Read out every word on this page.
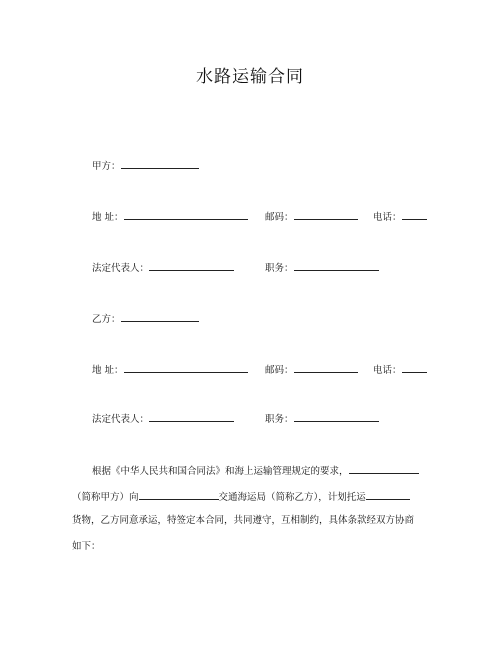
水路运输合同
甲方：
地 址：	邮码：	电话：
法定代表人：	职务：
乙方：
地 址：	邮码：	电话：
法定代表人：	职务：
根据《中华人民共和国合同法》和海上运输管理规定的要求，
（简称甲方）向	交通海运局（简称乙方），计划托运
货物，乙方同意承运，特签定本合同，共同遵守，互相制约，具体条款经双方协商
如下：
